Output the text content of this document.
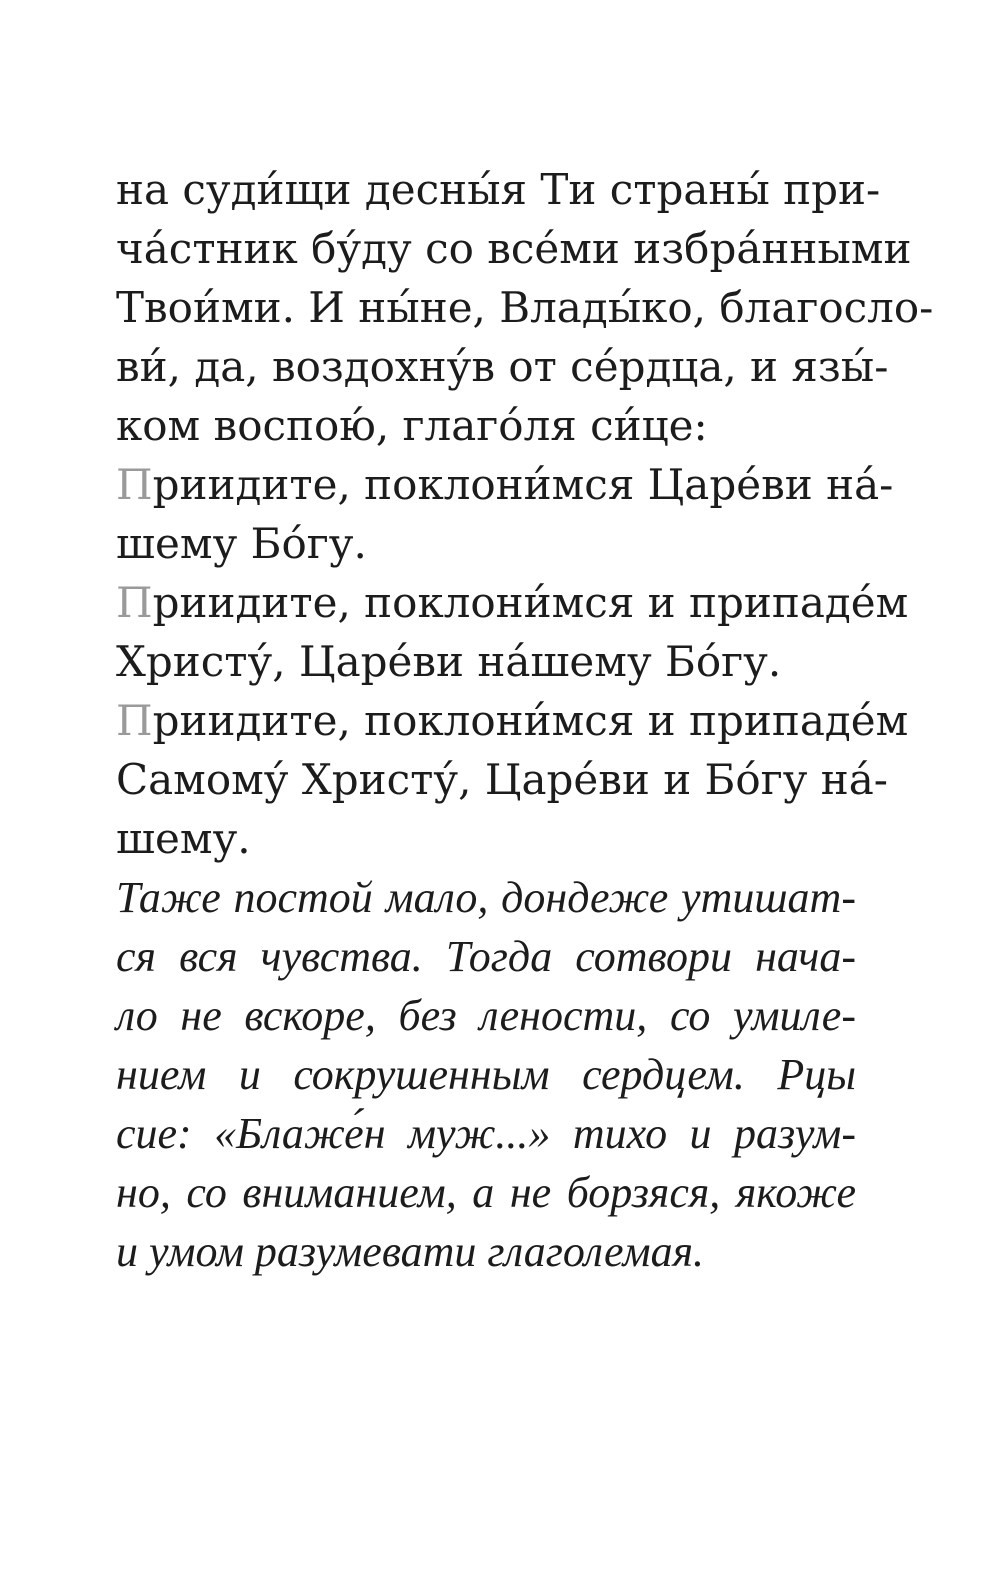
на суди́щи десны́я Ти страны́ при-
ча́стник бу́ду со все́ми избра́нными
Твои́ми. И ны́не, Влады́ко, благосло-
ви́, да, воздохну́в от се́рдца, и язы́-
ком воспою́, глаго́ля си́це:
Приидите, поклони́мся Царе́ви на́-
шему Бо́гу.
Приидите, поклони́мся и припаде́м
Христу́, Царе́ви на́шему Бо́гу.
Приидите, поклони́мся и припаде́м
Самому́ Христу́, Царе́ви и Бо́гу на́-
шему.
Таже постой мало, дондеже утишат-
ся вся чувства. Тогда сотвори нача-
ло не вскоре, без лености, со умиле-
нием и сокрушенным сердцем. Рцы
сие: «Блаже́н муж...» тихо и разум-
но, со вниманием, а не борзяся, якоже
и умом разумевати глаголемая.
